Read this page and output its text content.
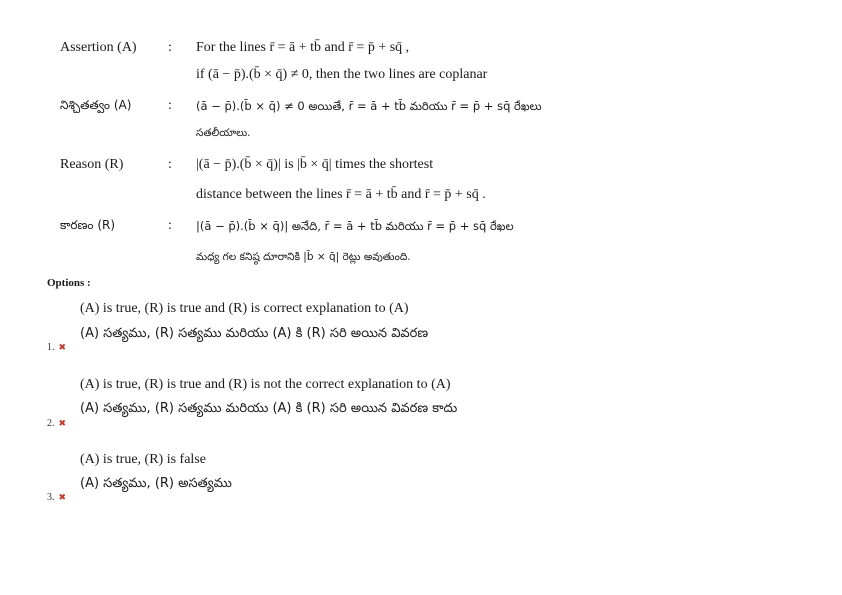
Assertion (A) : For the lines r̄ = ā + tb̄ and r̄ = p̄ + sq̄ ,
if (ā − p̄).(b̄ × q̄) ≠ 0, then the two lines are coplanar
నిశ్చితత్వం (A)	: (ā − p̄).(b̄ × q̄) ≠ 0 అయితే, r̄ = ā + tb̄ మరియు r̄ = p̄ + sq̄ రేఖలు
సతలీయాలు.
Reason (R)	: |(ā − p̄).(b̄ × q̄)| is |b̄ × q̄| times the shortest
distance between the lines r̄ = ā + tb̄ and r̄ = p̄ + sq̄ .
కారణం (R)	: |(ā − p̄).(b̄ × q̄)| అనేది, r̄ = ā + tb̄ మరియు r̄ = p̄ + sq̄ రేఖల
మధ్య గల కనిష్ఠ దూరానికి |b̄ × q̄| రెట్లు అవుతుంది.
Options :
(A) is true, (R) is true and (R) is correct explanation to (A)
(A) సత్యము, (R) సత్యము మరియు (A) కి (R) సరి అయిన వివరణ
1. ✖
(A) is true, (R) is true and (R) is not the correct explanation to (A)
(A) సత్యము, (R) సత్యము మరియు (A) కి (R) సరి అయిన వివరణ కాదు
2. ✖
(A) is true, (R) is false
(A) సత్యము, (R) అసత్యము
3. ✖
